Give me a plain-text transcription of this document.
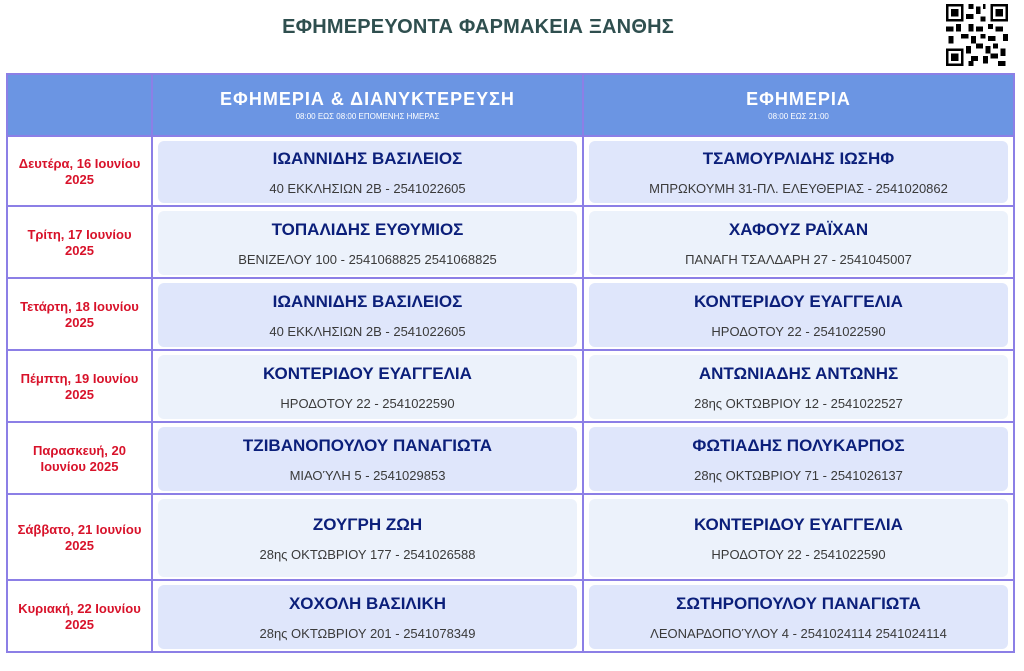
ΕΦΗΜΕΡΕΥΟΝΤΑ ΦΑΡΜΑΚΕΙΑ ΞΑΝΘΗΣ
ΕΦΗΜΕΡΙΑ & ΔΙΑΝΥΚΤΕΡΕΥΣΗ
08:00 ΕΩΣ 08:00 ΕΠΟΜΕΝΗΣ ΗΜΕΡΑΣ
ΕΦΗΜΕΡΙΑ
08:00 ΕΩΣ 21:00
Δευτέρα, 16 Ιουνίου 2025
ΙΩΑΝΝΙΔΗΣ ΒΑΣΙΛΕΙΟΣ
40 ΕΚΚΛΗΣΙΩΝ 2Β - 2541022605
ΤΣΑΜΟΥΡΛΙΔΗΣ ΙΩΣΗΦ
ΜΠΡΩΚΟΥΜΗ 31-ΠΛ. ΕΛΕΥΘΕΡΙΑΣ - 2541020862
Τρίτη, 17 Ιουνίου 2025
ΤΟΠΑΛΙΔΗΣ ΕΥΘΥΜΙΟΣ
ΒΕΝΙΖΕΛΟΥ 100 - 2541068825 2541068825
ΧΑΦΟΥΖ ΡΑΪΧΑΝ
ΠΑΝΑΓΗ ΤΣΑΛΔΑΡΗ 27 - 2541045007
Τετάρτη, 18 Ιουνίου 2025
ΙΩΑΝΝΙΔΗΣ ΒΑΣΙΛΕΙΟΣ
40 ΕΚΚΛΗΣΙΩΝ 2Β - 2541022605
ΚΟΝΤΕΡΙΔΟΥ ΕΥΑΓΓΕΛΙΑ
ΗΡΟΔΟΤΟΥ 22 - 2541022590
Πέμπτη, 19 Ιουνίου 2025
ΚΟΝΤΕΡΙΔΟΥ ΕΥΑΓΓΕΛΙΑ
ΗΡΟΔΟΤΟΥ 22 - 2541022590
ΑΝΤΩΝΙΑΔΗΣ ΑΝΤΩΝΗΣ
28ης ΟΚΤΩΒΡΙΟΥ 12 - 2541022527
Παρασκευή, 20 Ιουνίου 2025
ΤΖΙΒΑΝΟΠΟΥΛΟΥ ΠΑΝΑΓΙΩΤΑ
ΜΙΑΟΎΛΗ 5 - 2541029853
ΦΩΤΙΑΔΗΣ ΠΟΛΥΚΑΡΠΟΣ
28ης ΟΚΤΩΒΡΙΟΥ 71 - 2541026137
Σάββατο, 21 Ιουνίου 2025
ΖΟΥΓΡΗ ΖΩΗ
28ης ΟΚΤΩΒΡΙΟΥ 177 - 2541026588
ΚΟΝΤΕΡΙΔΟΥ ΕΥΑΓΓΕΛΙΑ
ΗΡΟΔΟΤΟΥ 22 - 2541022590
Κυριακή, 22 Ιουνίου 2025
ΧΟΧΟΛΗ ΒΑΣΙΛΙΚΗ
28ης ΟΚΤΩΒΡΙΟΥ 201 - 2541078349
ΣΩΤΗΡΟΠΟΥΛΟΥ ΠΑΝΑΓΙΩΤΑ
ΛΕΟΝΑΡΔΟΠΟΎΛΟΥ 4 - 2541024114 2541024114
